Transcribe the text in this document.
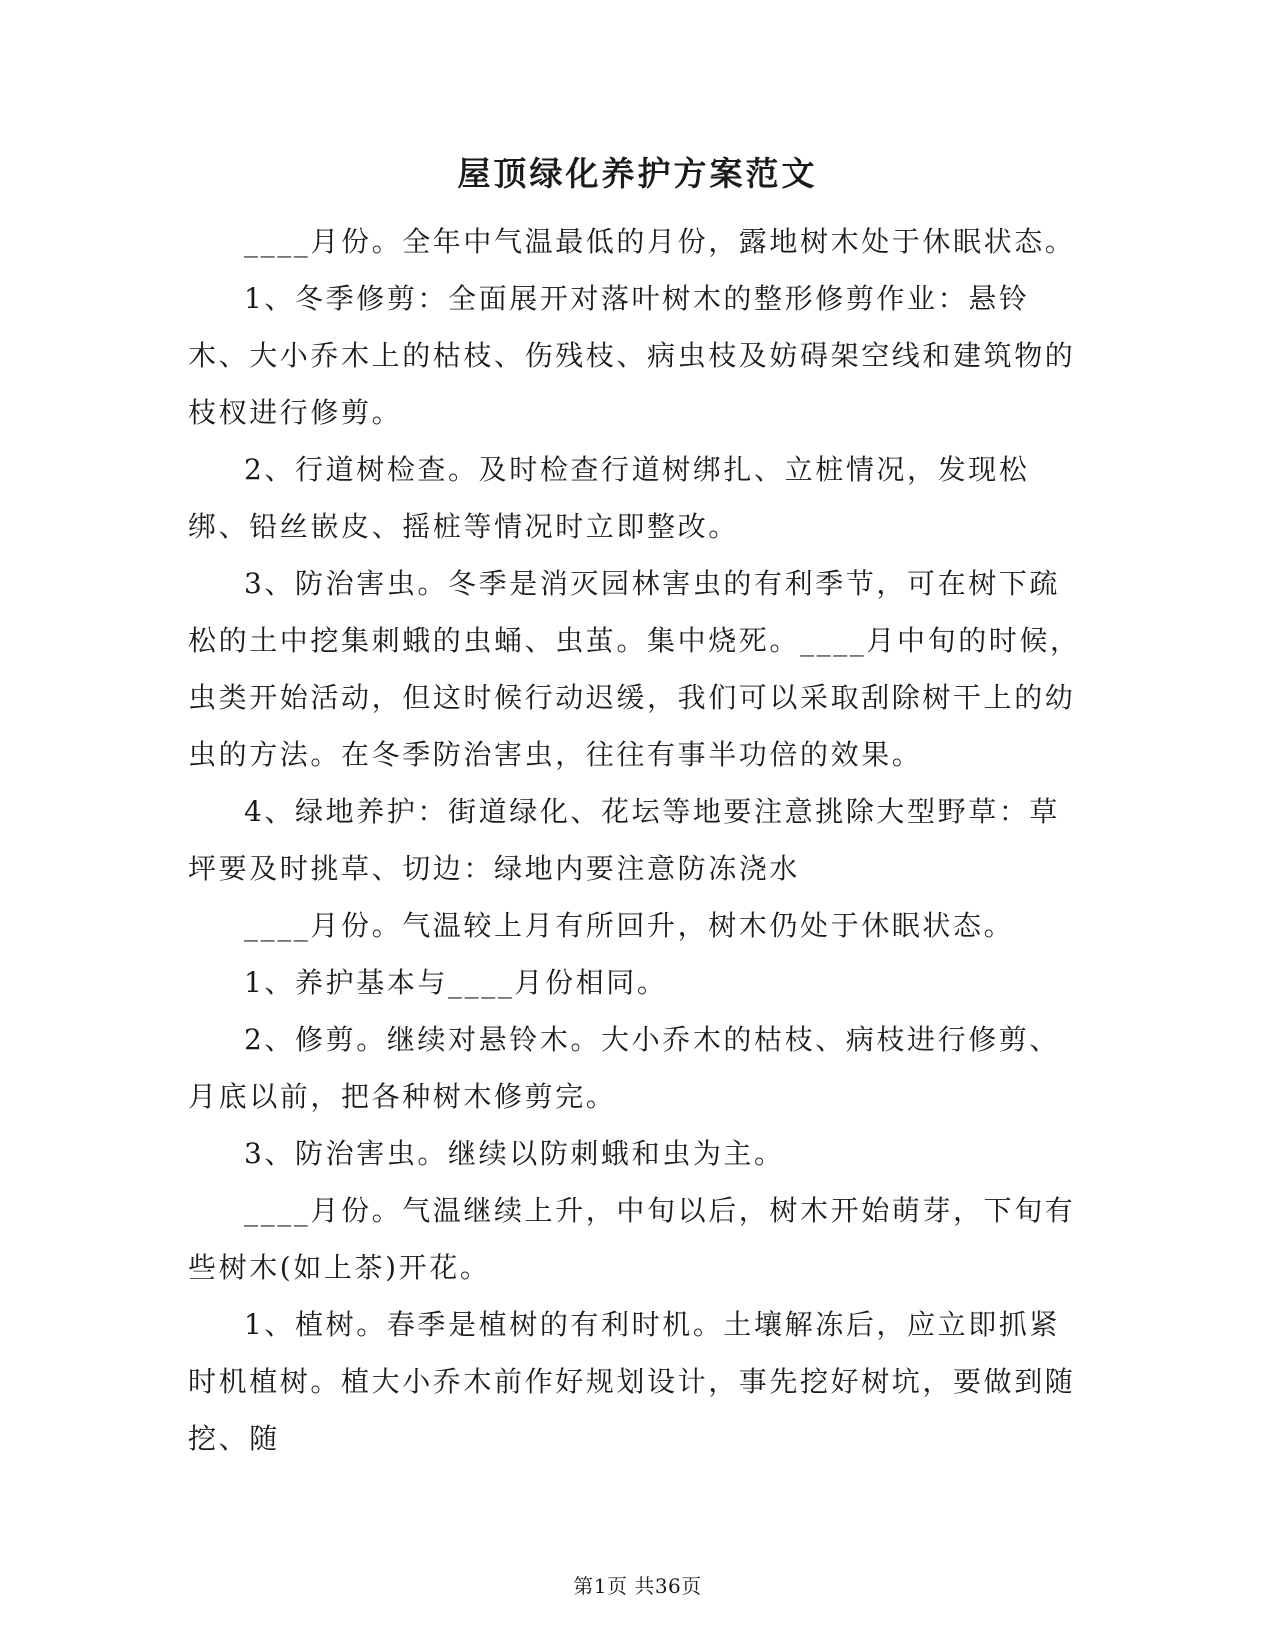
屋顶绿化养护方案范文

____月份。全年中气温最低的月份，露地树木处于休眠状态。

1、冬季修剪：全面展开对落叶树木的整形修剪作业：悬铃木、大小乔木上的枯枝、伤残枝、病虫枝及妨碍架空线和建筑物的枝杈进行修剪。

2、行道树检查。及时检查行道树绑扎、立桩情况，发现松绑、铅丝嵌皮、摇桩等情况时立即整改。

3、防治害虫。冬季是消灭园林害虫的有利季节，可在树下疏松的土中挖集刺蛾的虫蛹、虫茧。集中烧死。____月中旬的时候，虫类开始活动，但这时候行动迟缓，我们可以采取刮除树干上的幼虫的方法。在冬季防治害虫，往往有事半功倍的效果。

4、绿地养护：街道绿化、花坛等地要注意挑除大型野草：草坪要及时挑草、切边：绿地内要注意防冻浇水

____月份。气温较上月有所回升，树木仍处于休眠状态。

1、养护基本与____月份相同。

2、修剪。继续对悬铃木。大小乔木的枯枝、病枝进行修剪、月底以前，把各种树木修剪完。

3、防治害虫。继续以防刺蛾和虫为主。

____月份。气温继续上升，中旬以后，树木开始萌芽，下旬有些树木(如上茶)开花。

1、植树。春季是植树的有利时机。土壤解冻后，应立即抓紧时机植树。植大小乔木前作好规划设计，事先挖好树坑，要做到随挖、随

第1页 共36页
